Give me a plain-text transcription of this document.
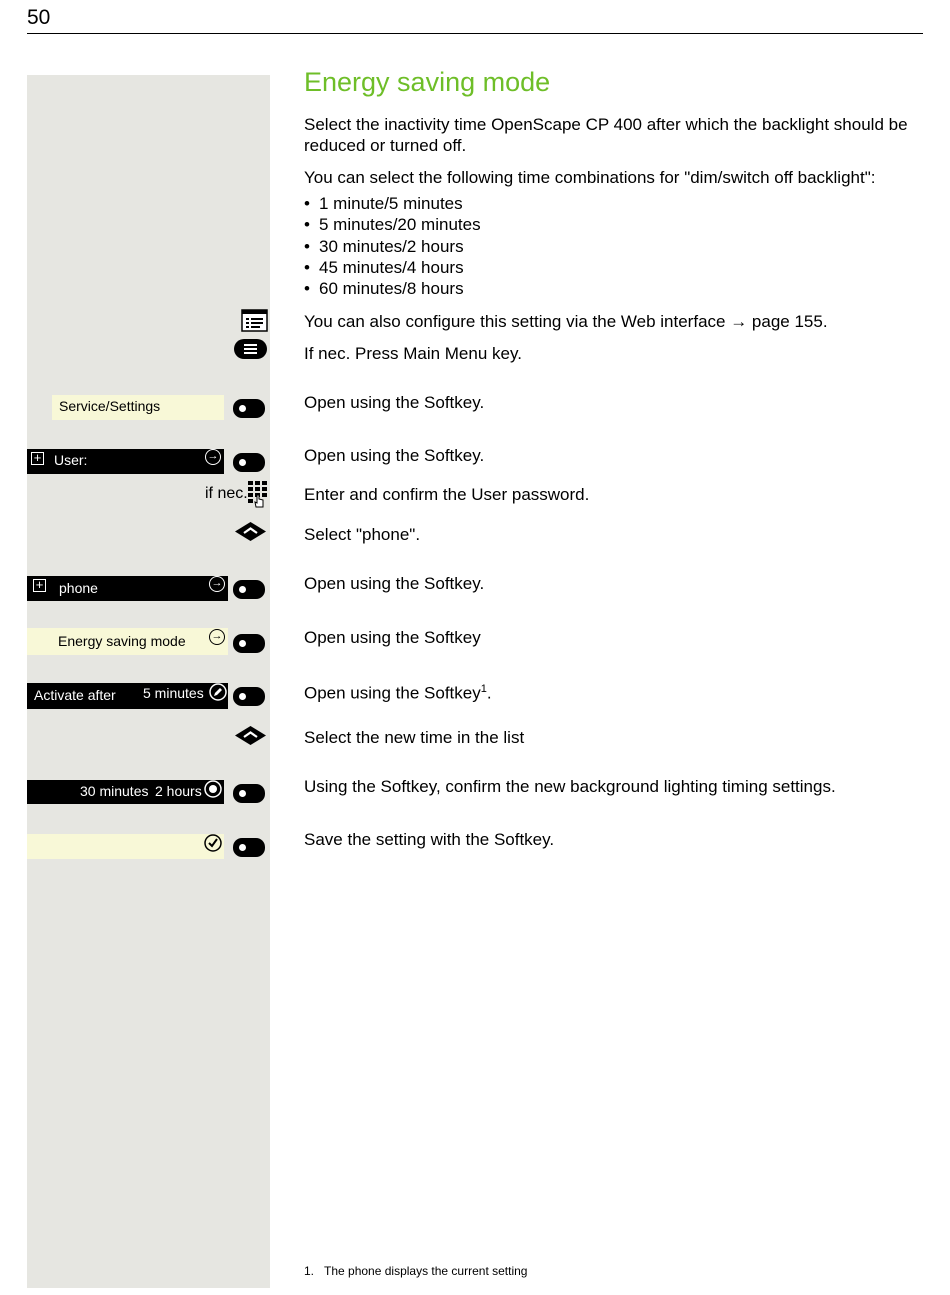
50
Energy saving mode
Select the inactivity time OpenScape CP 400 after which the backlight should be reduced or turned off.
You can select the following time combinations for "dim/switch off backlight":
• 1 minute/5 minutes
• 5 minutes/20 minutes
• 30 minutes/2 hours
• 45 minutes/4 hours
• 60 minutes/8 hours
You can also configure this setting via the Web interface → page 155.
If nec. Press Main Menu key.
Service/Settings	Open using the Softkey.
+ User:	→	Open using the Softkey.
if nec.	Enter and confirm the User password.
Select "phone".
+ phone	→	Open using the Softkey.
Energy saving mode →	Open using the Softkey
Activate after 5 minutes	Open using the Softkey$^1$.
Select the new time in the list
30 minutes 2 hours	Using the Softkey, confirm the new background lighting timing settings.
Save the setting with the Softkey.
1. The phone displays the current setting
